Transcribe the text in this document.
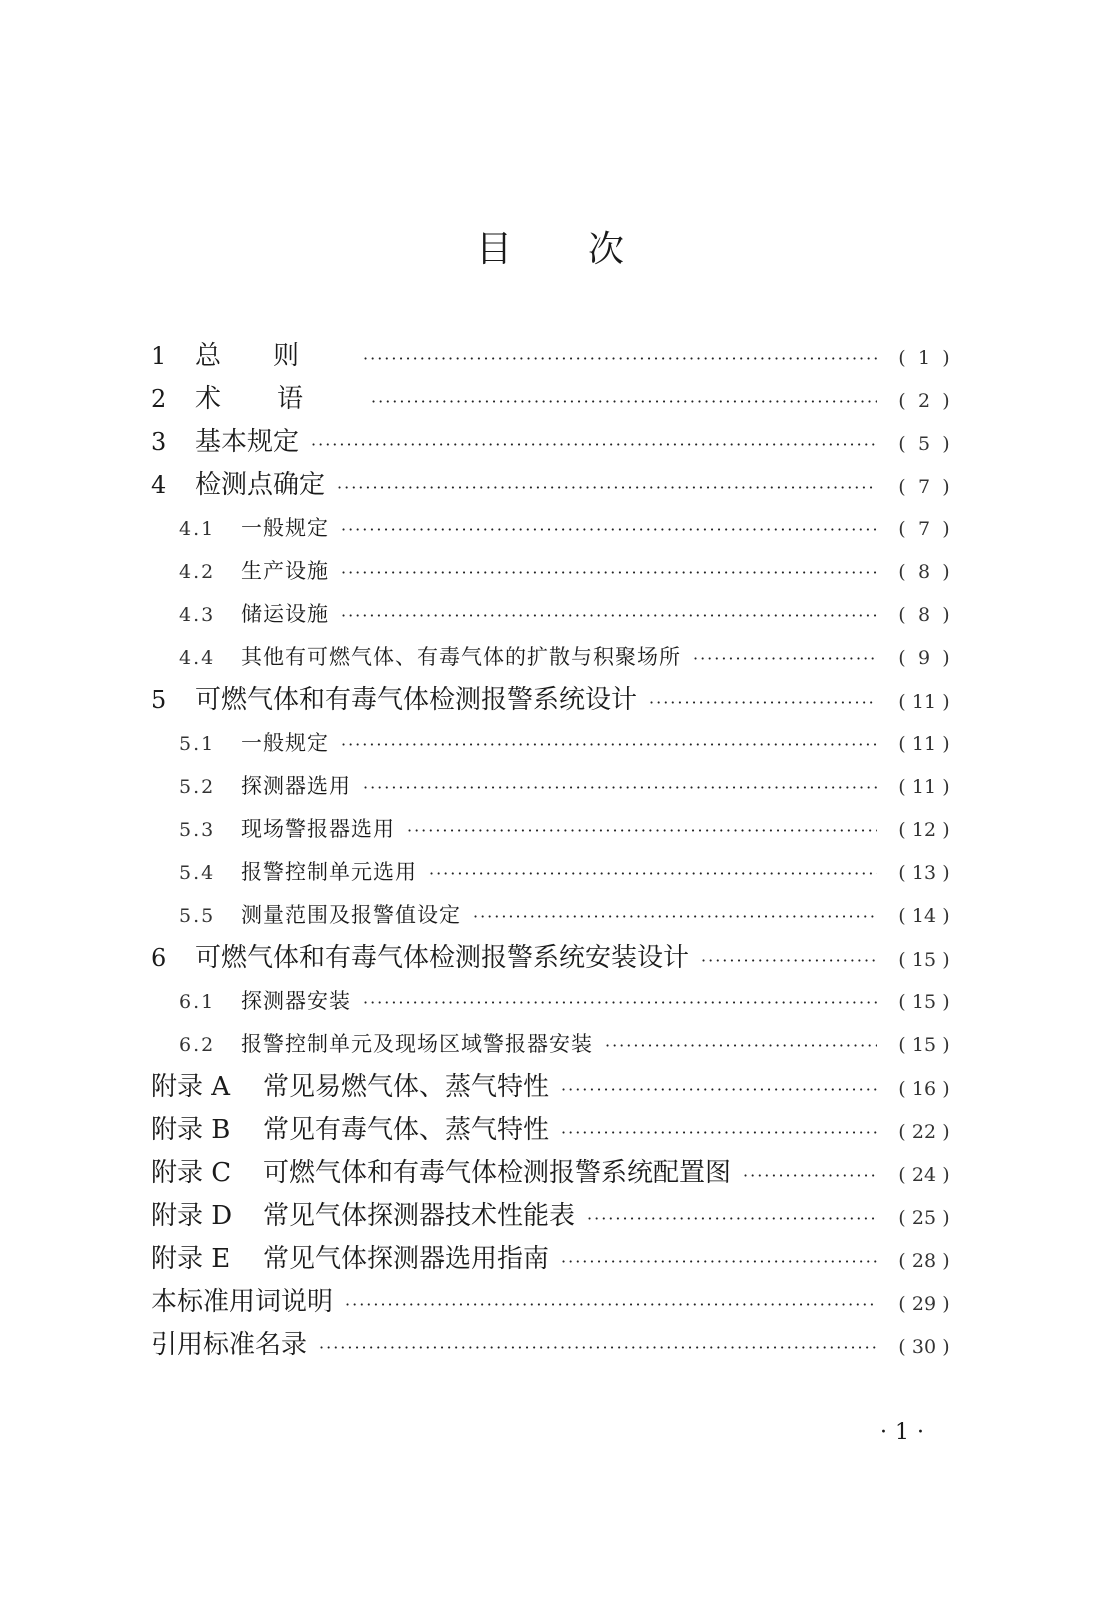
目 次
1	总则 ·····	( 1 )
2	术语 ·····	( 2 )
3	基本规定 ·····	( 5 )
4	检测点确定 ·····	( 7 )
4.1	一般规定 ·····	( 7 )
4.2	生产设施 ·····	( 8 )
4.3	储运设施 ·····	( 8 )
4.4	其他有可燃气体、有毒气体的扩散与积聚场所 ·····	( 9 )
5	可燃气体和有毒气体检测报警系统设计 ·····	( 11 )
5.1	一般规定 ·····	( 11 )
5.2	探测器选用 ·····	( 11 )
5.3	现场警报器选用 ·····	( 12 )
5.4	报警控制单元选用 ·····	( 13 )
5.5	测量范围及报警值设定 ·····	( 14 )
6	可燃气体和有毒气体检测报警系统安装设计 ·····	( 15 )
6.1	探测器安装 ·····	( 15 )
6.2	报警控制单元及现场区域警报器安装 ·····	( 15 )
附录 A	常见易燃气体、蒸气特性 ·····	( 16 )
附录 B	常见有毒气体、蒸气特性 ·····	( 22 )
附录 C	可燃气体和有毒气体检测报警系统配置图 ·····	( 24 )
附录 D	常见气体探测器技术性能表 ·····	( 25 )
附录 E	常见气体探测器选用指南 ·····	( 28 )
本标准用词说明 ·····	( 29 )
引用标准名录 ·····	( 30 )
· 1 ·
